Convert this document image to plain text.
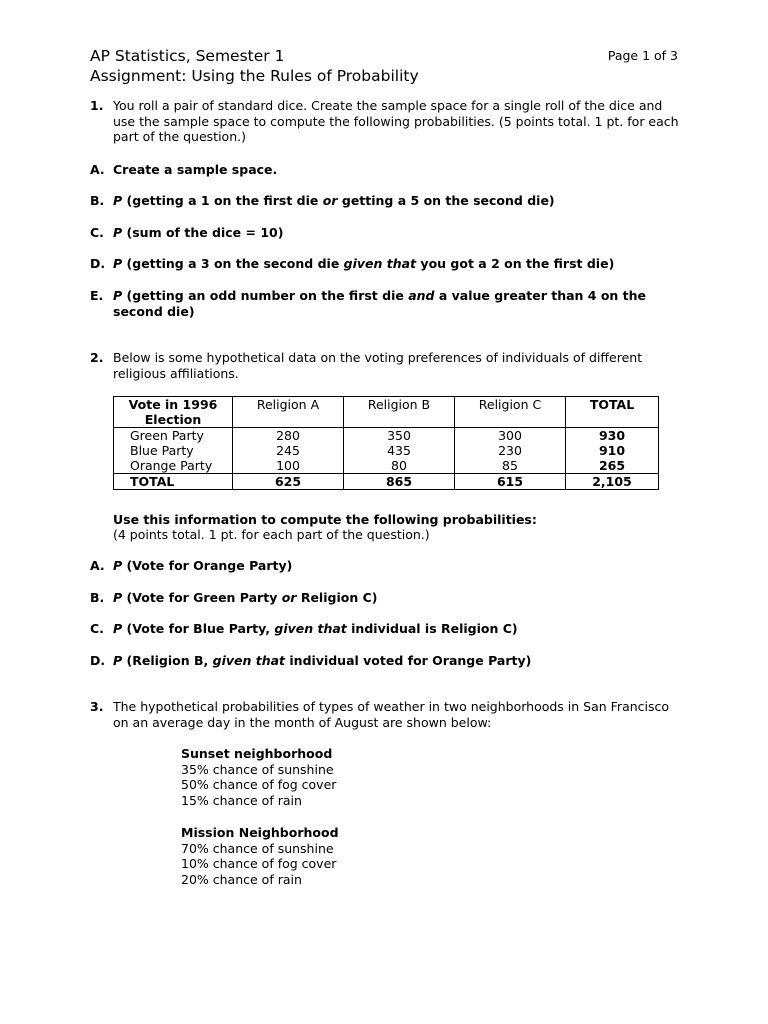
AP Statistics, Semester 1
Assignment: Using the Rules of Probability
Page 1 of 3
1. You roll a pair of standard dice. Create the sample space for a single roll of the dice and use the sample space to compute the following probabilities. (5 points total. 1 pt. for each part of the question.)
A. Create a sample space.
B. P (getting a 1 on the first die or getting a 5 on the second die)
C. P (sum of the dice = 10)
D. P (getting a 3 on the second die given that you got a 2 on the first die)
E. P (getting an odd number on the first die and a value greater than 4 on the second die)
2. Below is some hypothetical data on the voting preferences of individuals of different religious affiliations.
Vote in 1996 Election	Religion A	Religion B	Religion C	TOTAL
Green Party	280	350	300	930
Blue Party	245	435	230	910
Orange Party	100	80	85	265
TOTAL	625	865	615	2,105
Use this information to compute the following probabilities:
(4 points total. 1 pt. for each part of the question.)
A. P (Vote for Orange Party)
B. P (Vote for Green Party or Religion C)
C. P (Vote for Blue Party, given that individual is Religion C)
D. P (Religion B, given that individual voted for Orange Party)
3. The hypothetical probabilities of types of weather in two neighborhoods in San Francisco on an average day in the month of August are shown below:
Sunset neighborhood
35% chance of sunshine
50% chance of fog cover
15% chance of rain
Mission Neighborhood
70% chance of sunshine
10% chance of fog cover
20% chance of rain
